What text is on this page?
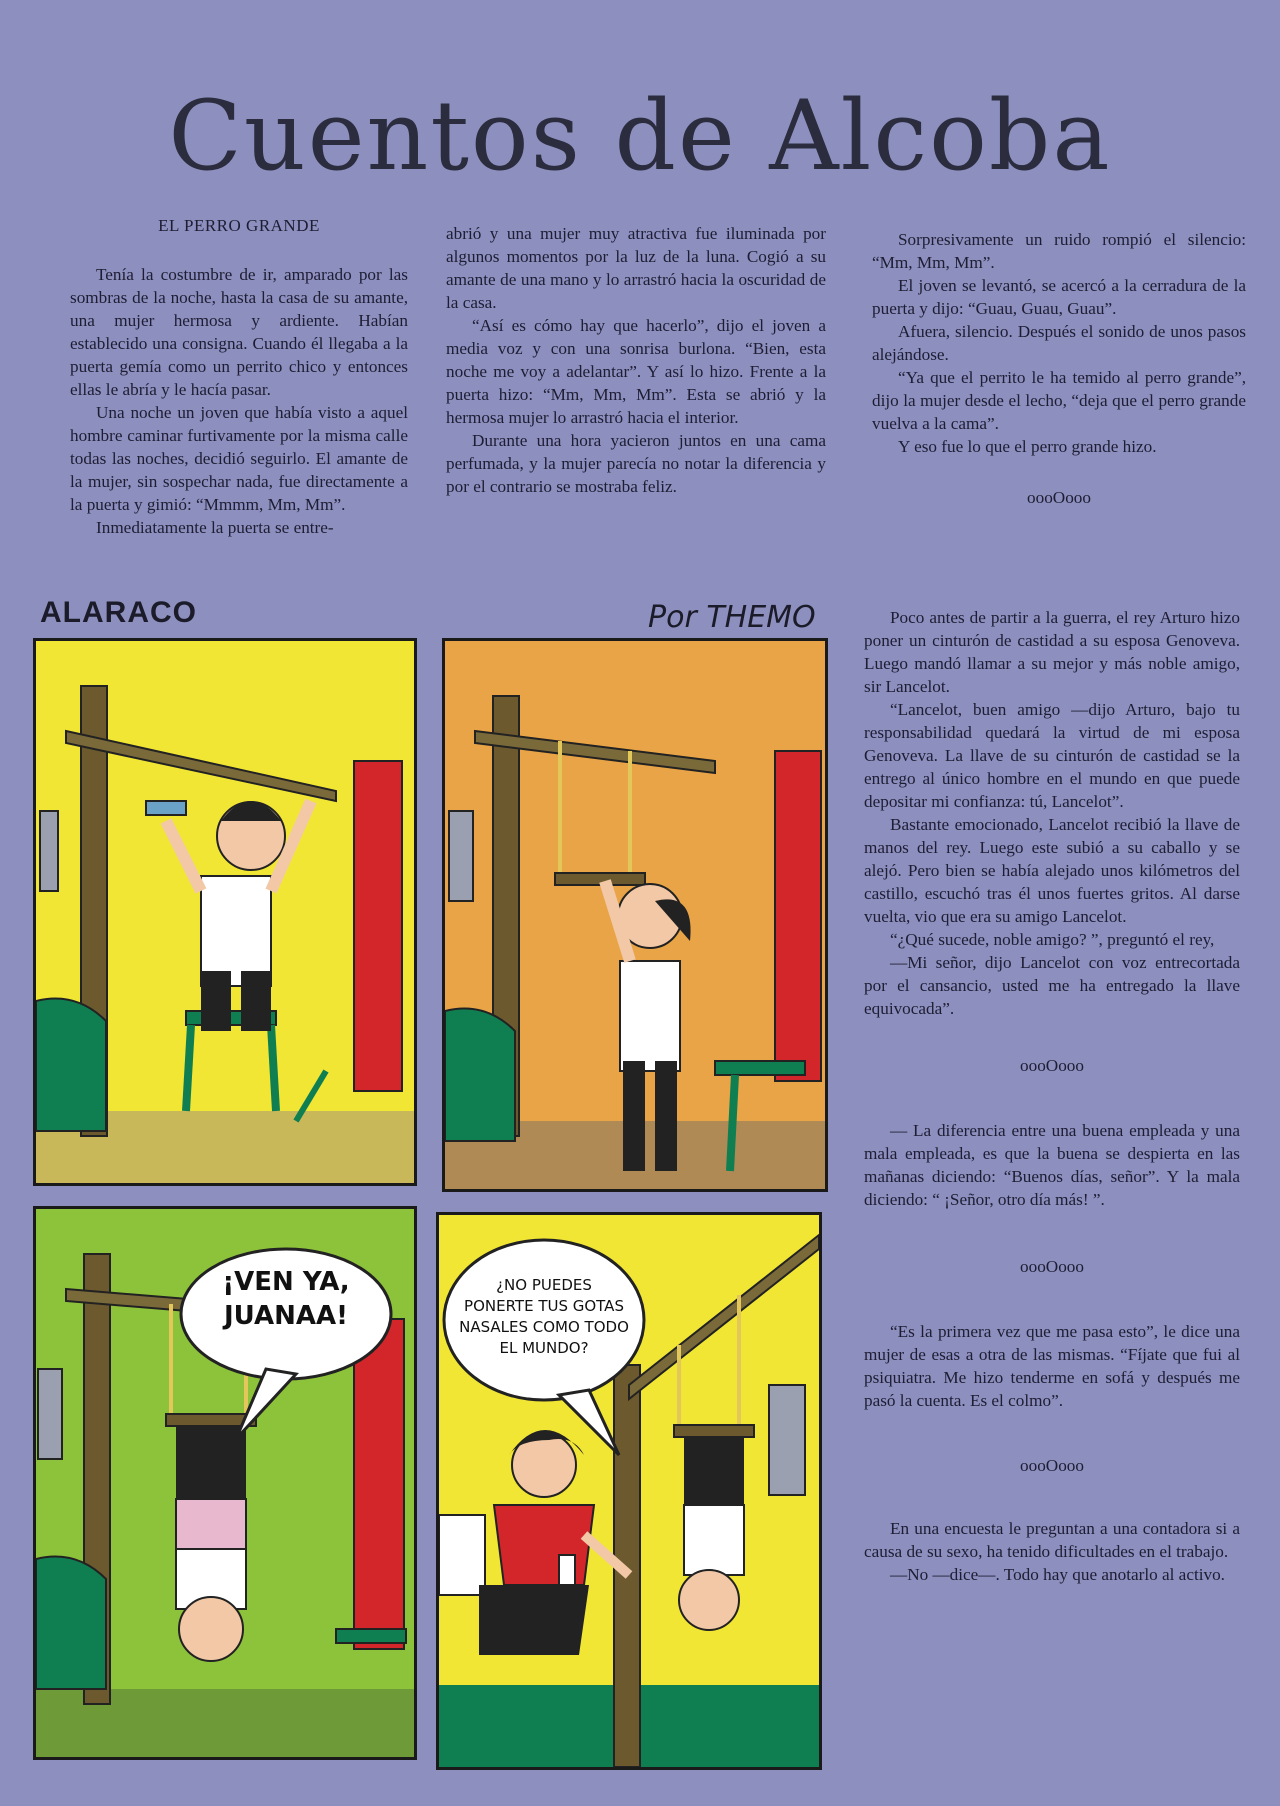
Cuentos de Alcoba
EL PERRO GRANDE

Tenía la costumbre de ir, amparado por las sombras de la noche, hasta la casa de su amante, una mujer hermosa y ardiente. Habían establecido una consigna. Cuando él llegaba a la puerta gemía como un perrito chico y entonces ellas le abría y le hacía pasar.

Una noche un joven que había visto a aquel hombre caminar furtivamente por la misma calle todas las noches, decidió seguirlo. El amante de la mujer, sin sospechar nada, fue directamente a la puerta y gimió: “Mmmm, Mm, Mm”.

Inmediatamente la puerta se entre-

abrió y una mujer muy atractiva fue iluminada por algunos momentos por la luz de la luna. Cogió a su amante de una mano y lo arrastró hacia la oscuridad de la casa.

“Así es cómo hay que hacerlo”, dijo el joven a media voz y con una sonrisa burlona. “Bien, esta noche me voy a adelantar”. Y así lo hizo. Frente a la puerta hizo: “Mm, Mm, Mm”. Esta se abrió y la hermosa mujer lo arrastró hacia el interior.

Durante una hora yacieron juntos en una cama perfumada, y la mujer parecía no notar la diferencia y por el contrario se mostraba feliz.

Sorpresivamente un ruido rompió el silencio: “Mm, Mm, Mm”.

El joven se levantó, se acercó a la cerradura de la puerta y dijo: “Guau, Guau, Guau”.

Afuera, silencio. Después el sonido de unos pasos alejándose.

“Ya que el perrito le ha temido al perro grande”, dijo la mujer desde el lecho, “deja que el perro grande vuelva a la cama”.

Y eso fue lo que el perro grande hizo.

oooOooo

Poco antes de partir a la guerra, el rey Arturo hizo poner un cinturón de castidad a su esposa Genoveva. Luego mandó llamar a su mejor y más noble amigo, sir Lancelot.

“Lancelot, buen amigo —dijo Arturo, bajo tu responsabilidad quedará la virtud de mi esposa Genoveva. La llave de su cinturón de castidad se la entrego al único hombre en el mundo en que puede depositar mi confianza: tú, Lancelot”.

Bastante emocionado, Lancelot recibió la llave de manos del rey. Luego este subió a su caballo y se alejó. Pero bien se había alejado unos kilómetros del castillo, escuchó tras él unos fuertes gritos. Al darse vuelta, vio que era su amigo Lancelot.

“¿Qué sucede, noble amigo? ”, preguntó el rey,

—Mi señor, dijo Lancelot con voz entrecortada por el cansancio, usted me ha entregado la llave equivocada”.

oooOooo

— La diferencia entre una buena empleada y una mala empleada, es que la buena se despierta en las mañanas diciendo: “Buenos días, señor”. Y la mala diciendo: “ ¡Señor, otro día más! ”.

oooOooo

“Es la primera vez que me pasa esto”, le dice una mujer de esas a otra de las mismas. “Fíjate que fui al psiquiatra. Me hizo tenderme en sofá y después me pasó la cuenta. Es el colmo”.

oooOooo

En una encuesta le preguntan a una contadora si a causa de su sexo, ha tenido dificultades en el trabajo.

—No —dice—. Todo hay que anotarlo al activo.

ALARACO	Por THEMO
¡VEN YA, JUANAA!
¿NO PUEDES PONERTE TUS GOTAS NASALES COMO TODO EL MUNDO?
